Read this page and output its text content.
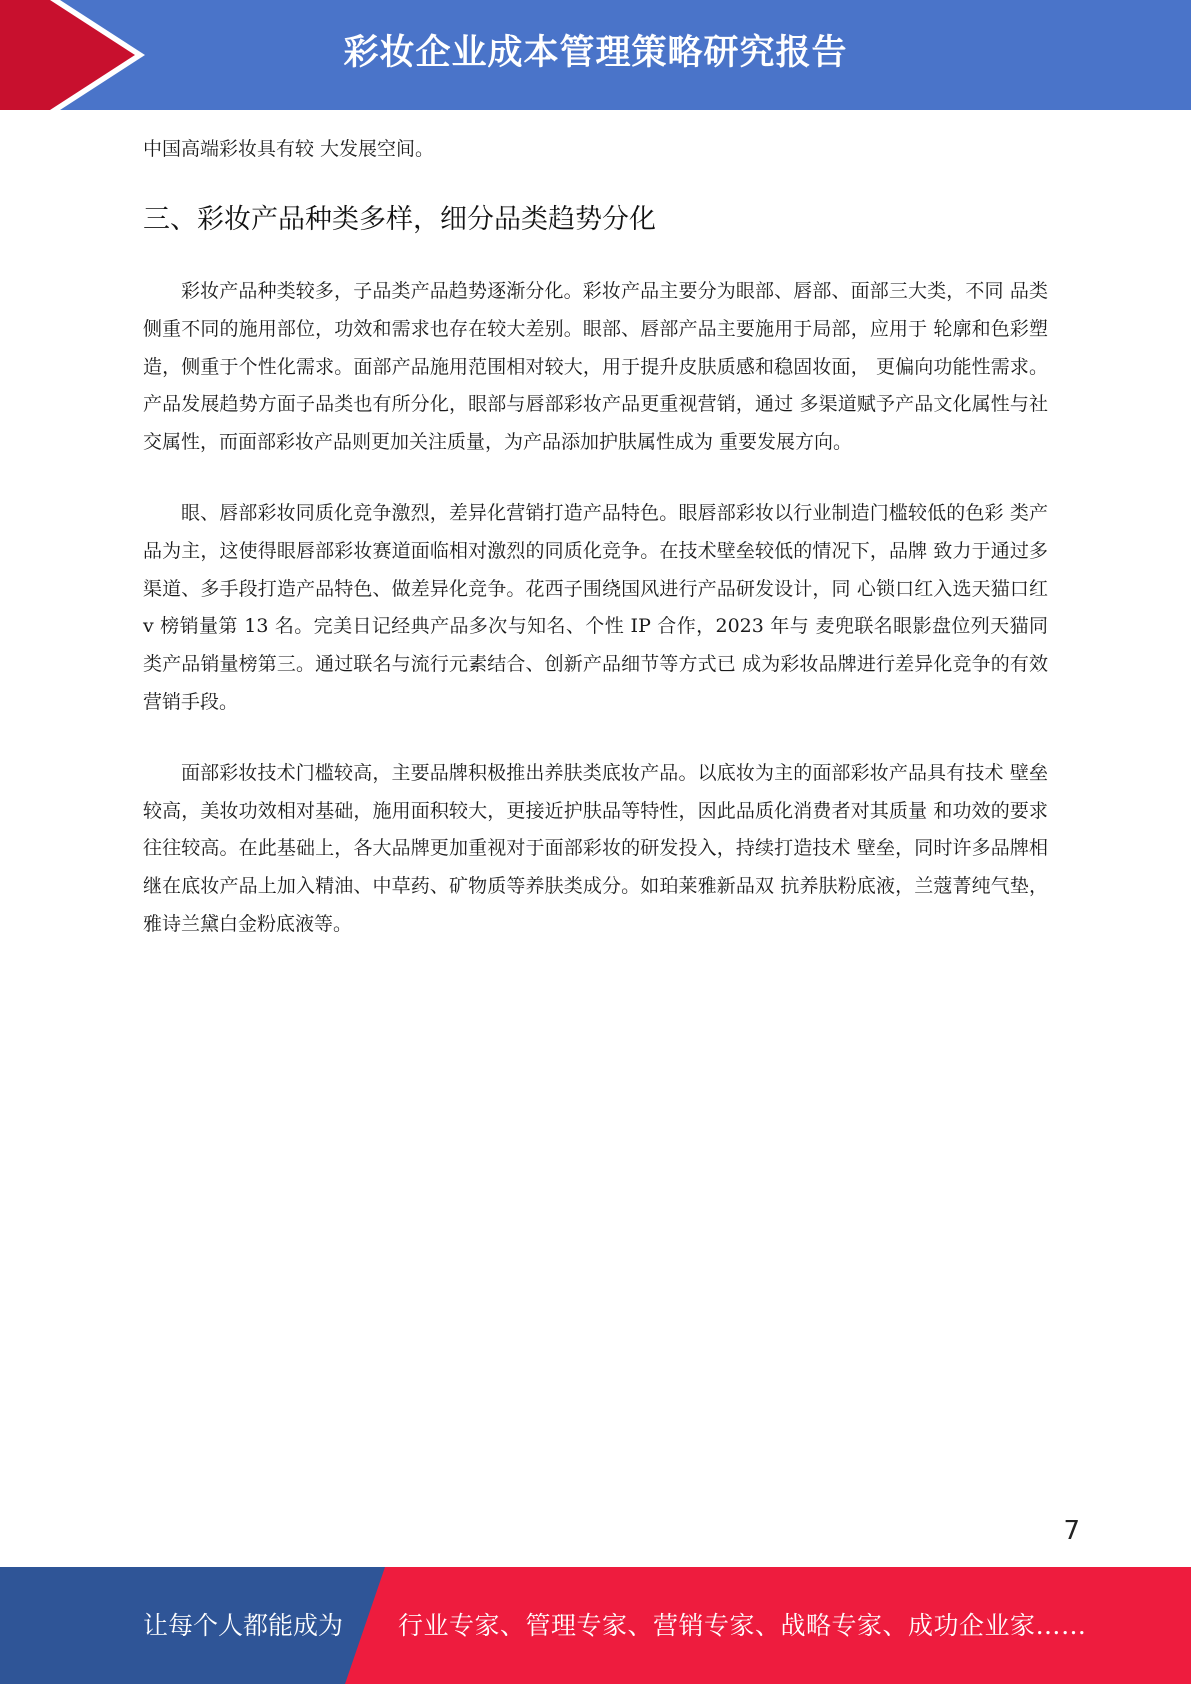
彩妆企业成本管理策略研究报告

中国高端彩妆具有较 大发展空间。

三、彩妆产品种类多样，细分品类趋势分化

彩妆产品种类较多，子品类产品趋势逐渐分化。彩妆产品主要分为眼部、唇部、面部三大类，不同 品类侧重不同的施用部位，功效和需求也存在较大差别。眼部、唇部产品主要施用于局部，应用于 轮廓和色彩塑造，侧重于个性化需求。面部产品施用范围相对较大，用于提升皮肤质感和稳固妆面， 更偏向功能性需求。产品发展趋势方面子品类也有所分化，眼部与唇部彩妆产品更重视营销，通过 多渠道赋予产品文化属性与社交属性，而面部彩妆产品则更加关注质量，为产品添加护肤属性成为 重要发展方向。

眼、唇部彩妆同质化竞争激烈，差异化营销打造产品特色。眼唇部彩妆以行业制造门槛较低的色彩 类产品为主，这使得眼唇部彩妆赛道面临相对激烈的同质化竞争。在技术壁垒较低的情况下，品牌 致力于通过多渠道、多手段打造产品特色、做差异化竞争。花西子围绕国风进行产品研发设计，同 心锁口红入选天猫口红 v 榜销量第 13 名。完美日记经典产品多次与知名、个性 IP 合作，2023 年与 麦兜联名眼影盘位列天猫同类产品销量榜第三。通过联名与流行元素结合、创新产品细节等方式已 成为彩妆品牌进行差异化竞争的有效营销手段。

面部彩妆技术门槛较高，主要品牌积极推出养肤类底妆产品。以底妆为主的面部彩妆产品具有技术 壁垒较高，美妆功效相对基础，施用面积较大，更接近护肤品等特性，因此品质化消费者对其质量 和功效的要求往往较高。在此基础上，各大品牌更加重视对于面部彩妆的研发投入，持续打造技术 壁垒，同时许多品牌相继在底妆产品上加入精油、中草药、矿物质等养肤类成分。如珀莱雅新品双 抗养肤粉底液，兰蔻菁纯气垫，雅诗兰黛白金粉底液等。

7
让每个人都能成为 行业专家、管理专家、营销专家、战略专家、成功企业家……
